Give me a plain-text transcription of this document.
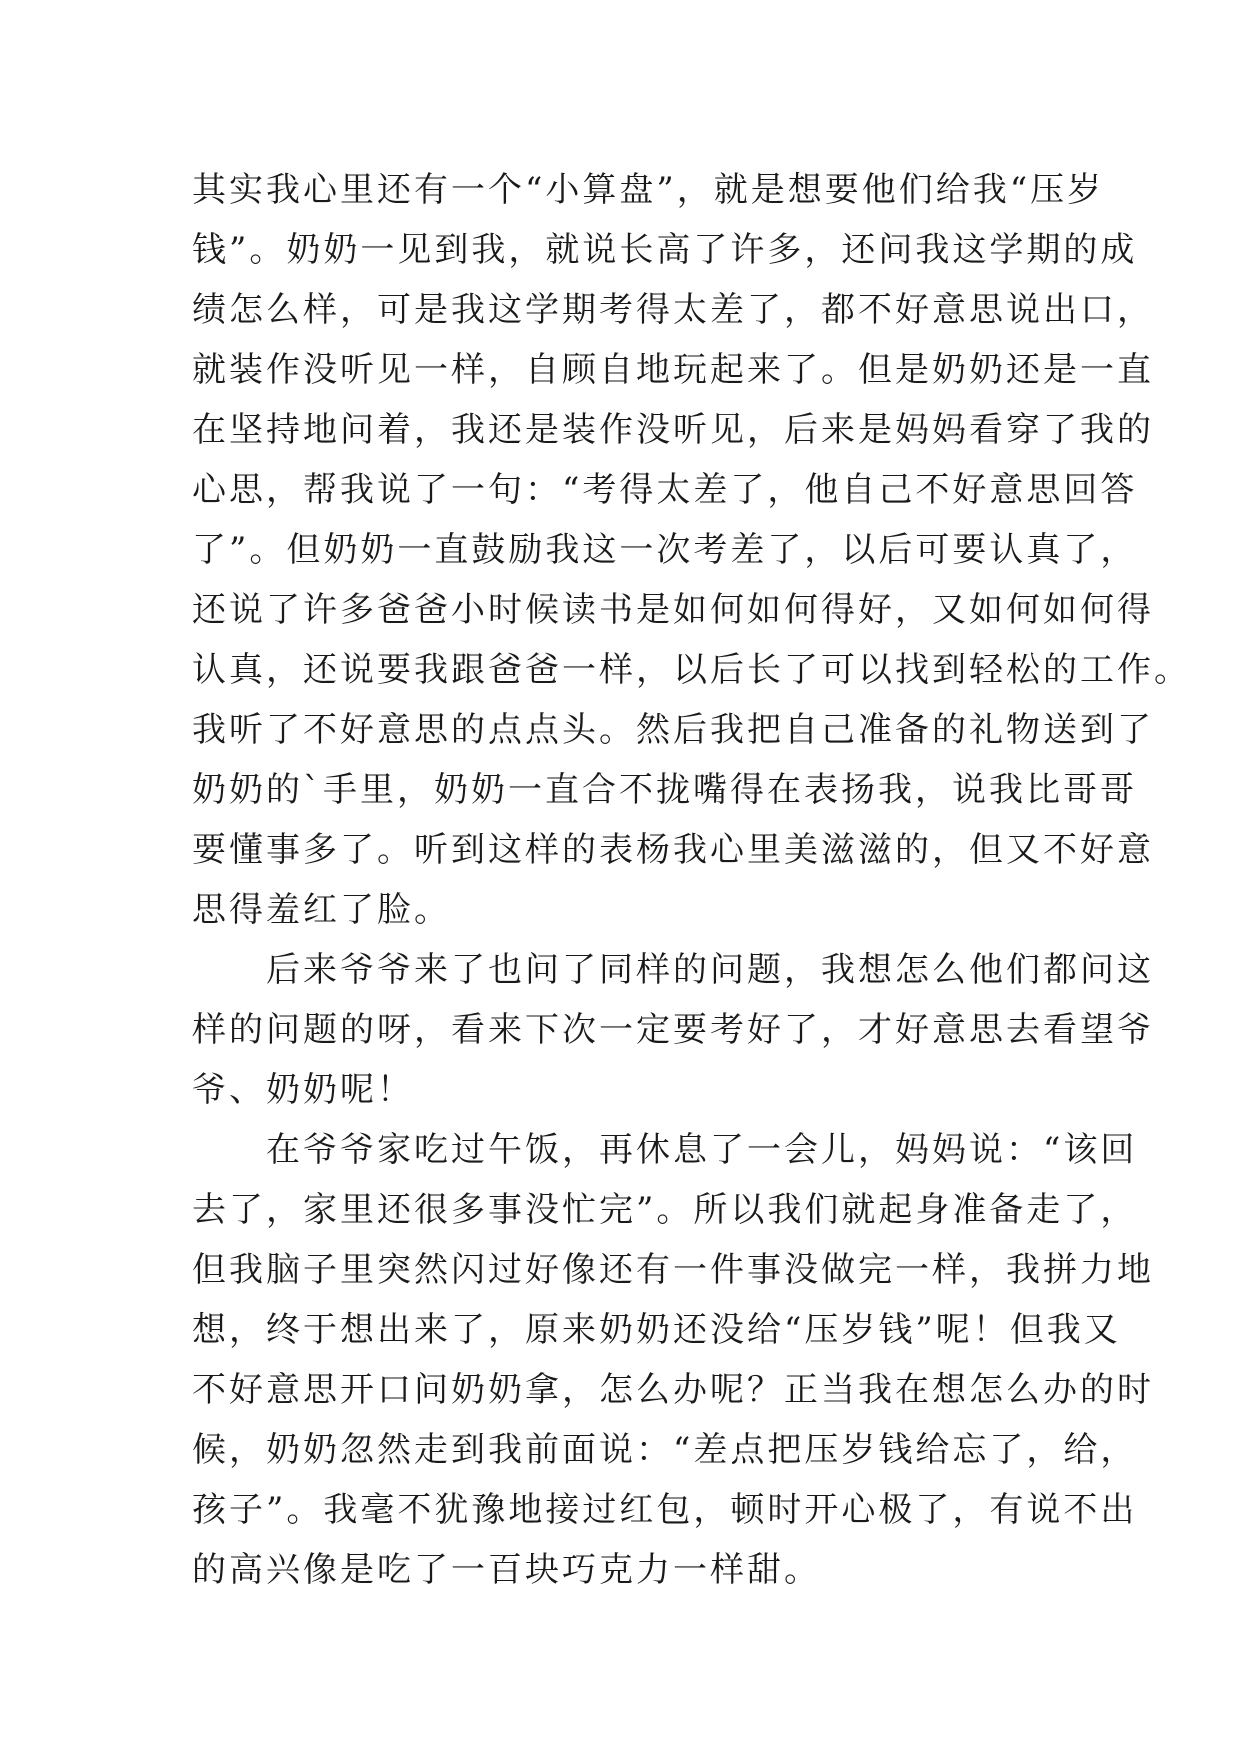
其实我心里还有一个“小算盘”，就是想要他们给我“压岁
钱”。奶奶一见到我，就说长高了许多，还问我这学期的成
绩怎么样，可是我这学期考得太差了，都不好意思说出口，
就装作没听见一样，自顾自地玩起来了。但是奶奶还是一直
在坚持地问着，我还是装作没听见，后来是妈妈看穿了我的
心思，帮我说了一句：“考得太差了，他自己不好意思回答
了”。但奶奶一直鼓励我这一次考差了，以后可要认真了，
还说了许多爸爸小时候读书是如何如何得好，又如何如何得
认真，还说要我跟爸爸一样，以后长了可以找到轻松的工作。
我听了不好意思的点点头。然后我把自己准备的礼物送到了
奶奶的`手里，奶奶一直合不拢嘴得在表扬我，说我比哥哥
要懂事多了。听到这样的表杨我心里美滋滋的，但又不好意
思得羞红了脸。
　　后来爷爷来了也问了同样的问题，我想怎么他们都问这
样的问题的呀，看来下次一定要考好了，才好意思去看望爷
爷、奶奶呢！
　　在爷爷家吃过午饭，再休息了一会儿，妈妈说：“该回
去了，家里还很多事没忙完”。所以我们就起身准备走了，
但我脑子里突然闪过好像还有一件事没做完一样，我拼力地
想，终于想出来了，原来奶奶还没给“压岁钱”呢！但我又
不好意思开口问奶奶拿，怎么办呢？正当我在想怎么办的时
候，奶奶忽然走到我前面说：“差点把压岁钱给忘了，给，
孩子”。我毫不犹豫地接过红包，顿时开心极了，有说不出
的高兴像是吃了一百块巧克力一样甜。
